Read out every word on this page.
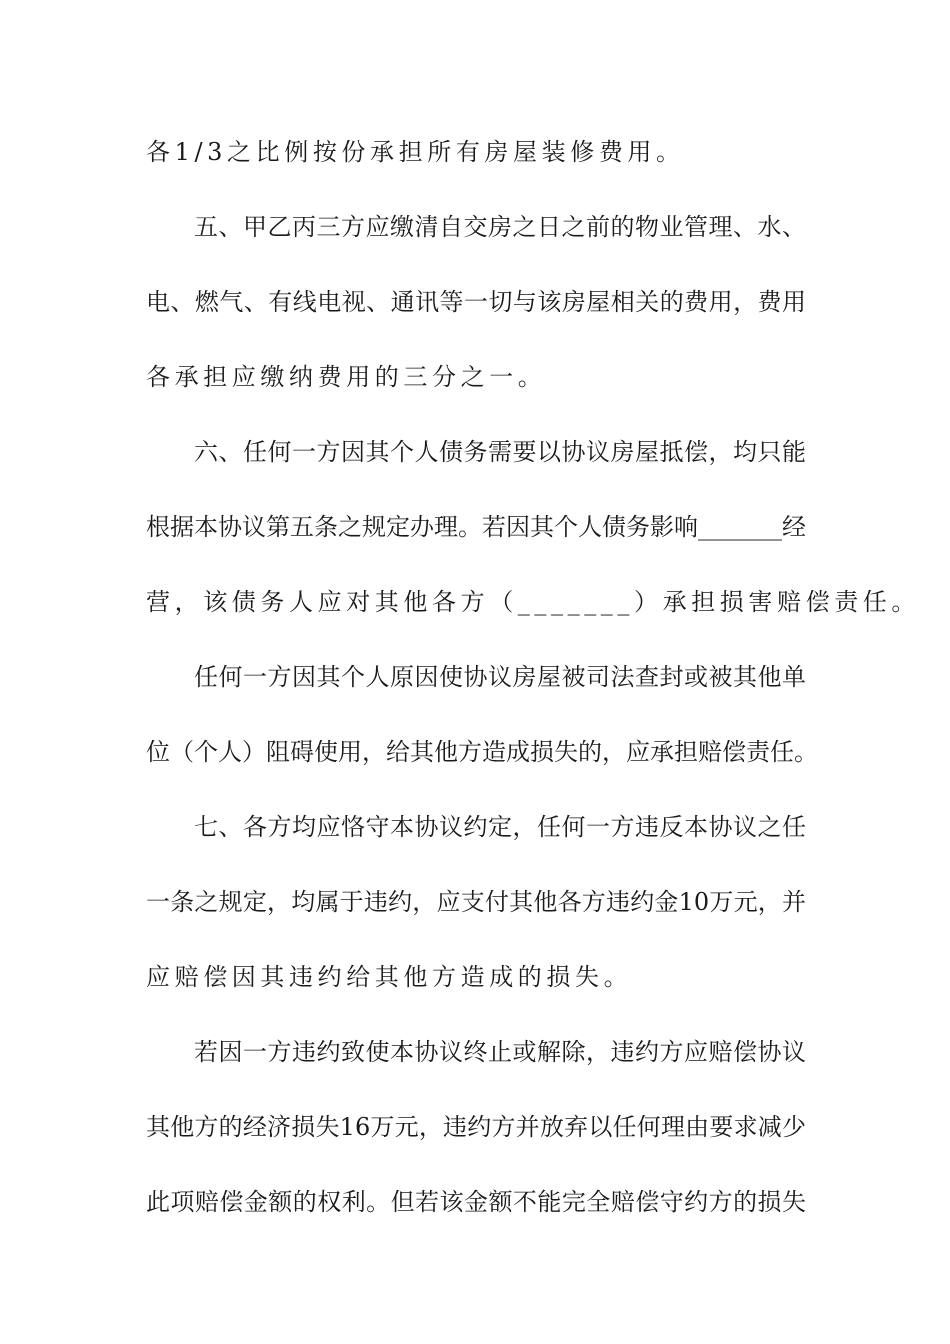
各1/3之比例按份承担所有房屋装修费用。
五、甲乙丙三方应缴清自交房之日之前的物业管理、水、
电、燃气、有线电视、通讯等一切与该房屋相关的费用，费用
各承担应缴纳费用的三分之一。
六、任何一方因其个人债务需要以协议房屋抵偿，均只能
根据本协议第五条之规定办理。若因其个人债务影响_______经
营，该债务人应对其他各方（_______）承担损害赔偿责任。
任何一方因其个人原因使协议房屋被司法查封或被其他单
位（个人）阻碍使用，给其他方造成损失的，应承担赔偿责任。
七、各方均应恪守本协议约定，任何一方违反本协议之任
一条之规定，均属于违约，应支付其他各方违约金10万元，并
应赔偿因其违约给其他方造成的损失。
若因一方违约致使本协议终止或解除，违约方应赔偿协议
其他方的经济损失16万元，违约方并放弃以任何理由要求减少
此项赔偿金额的权利。但若该金额不能完全赔偿守约方的损失
